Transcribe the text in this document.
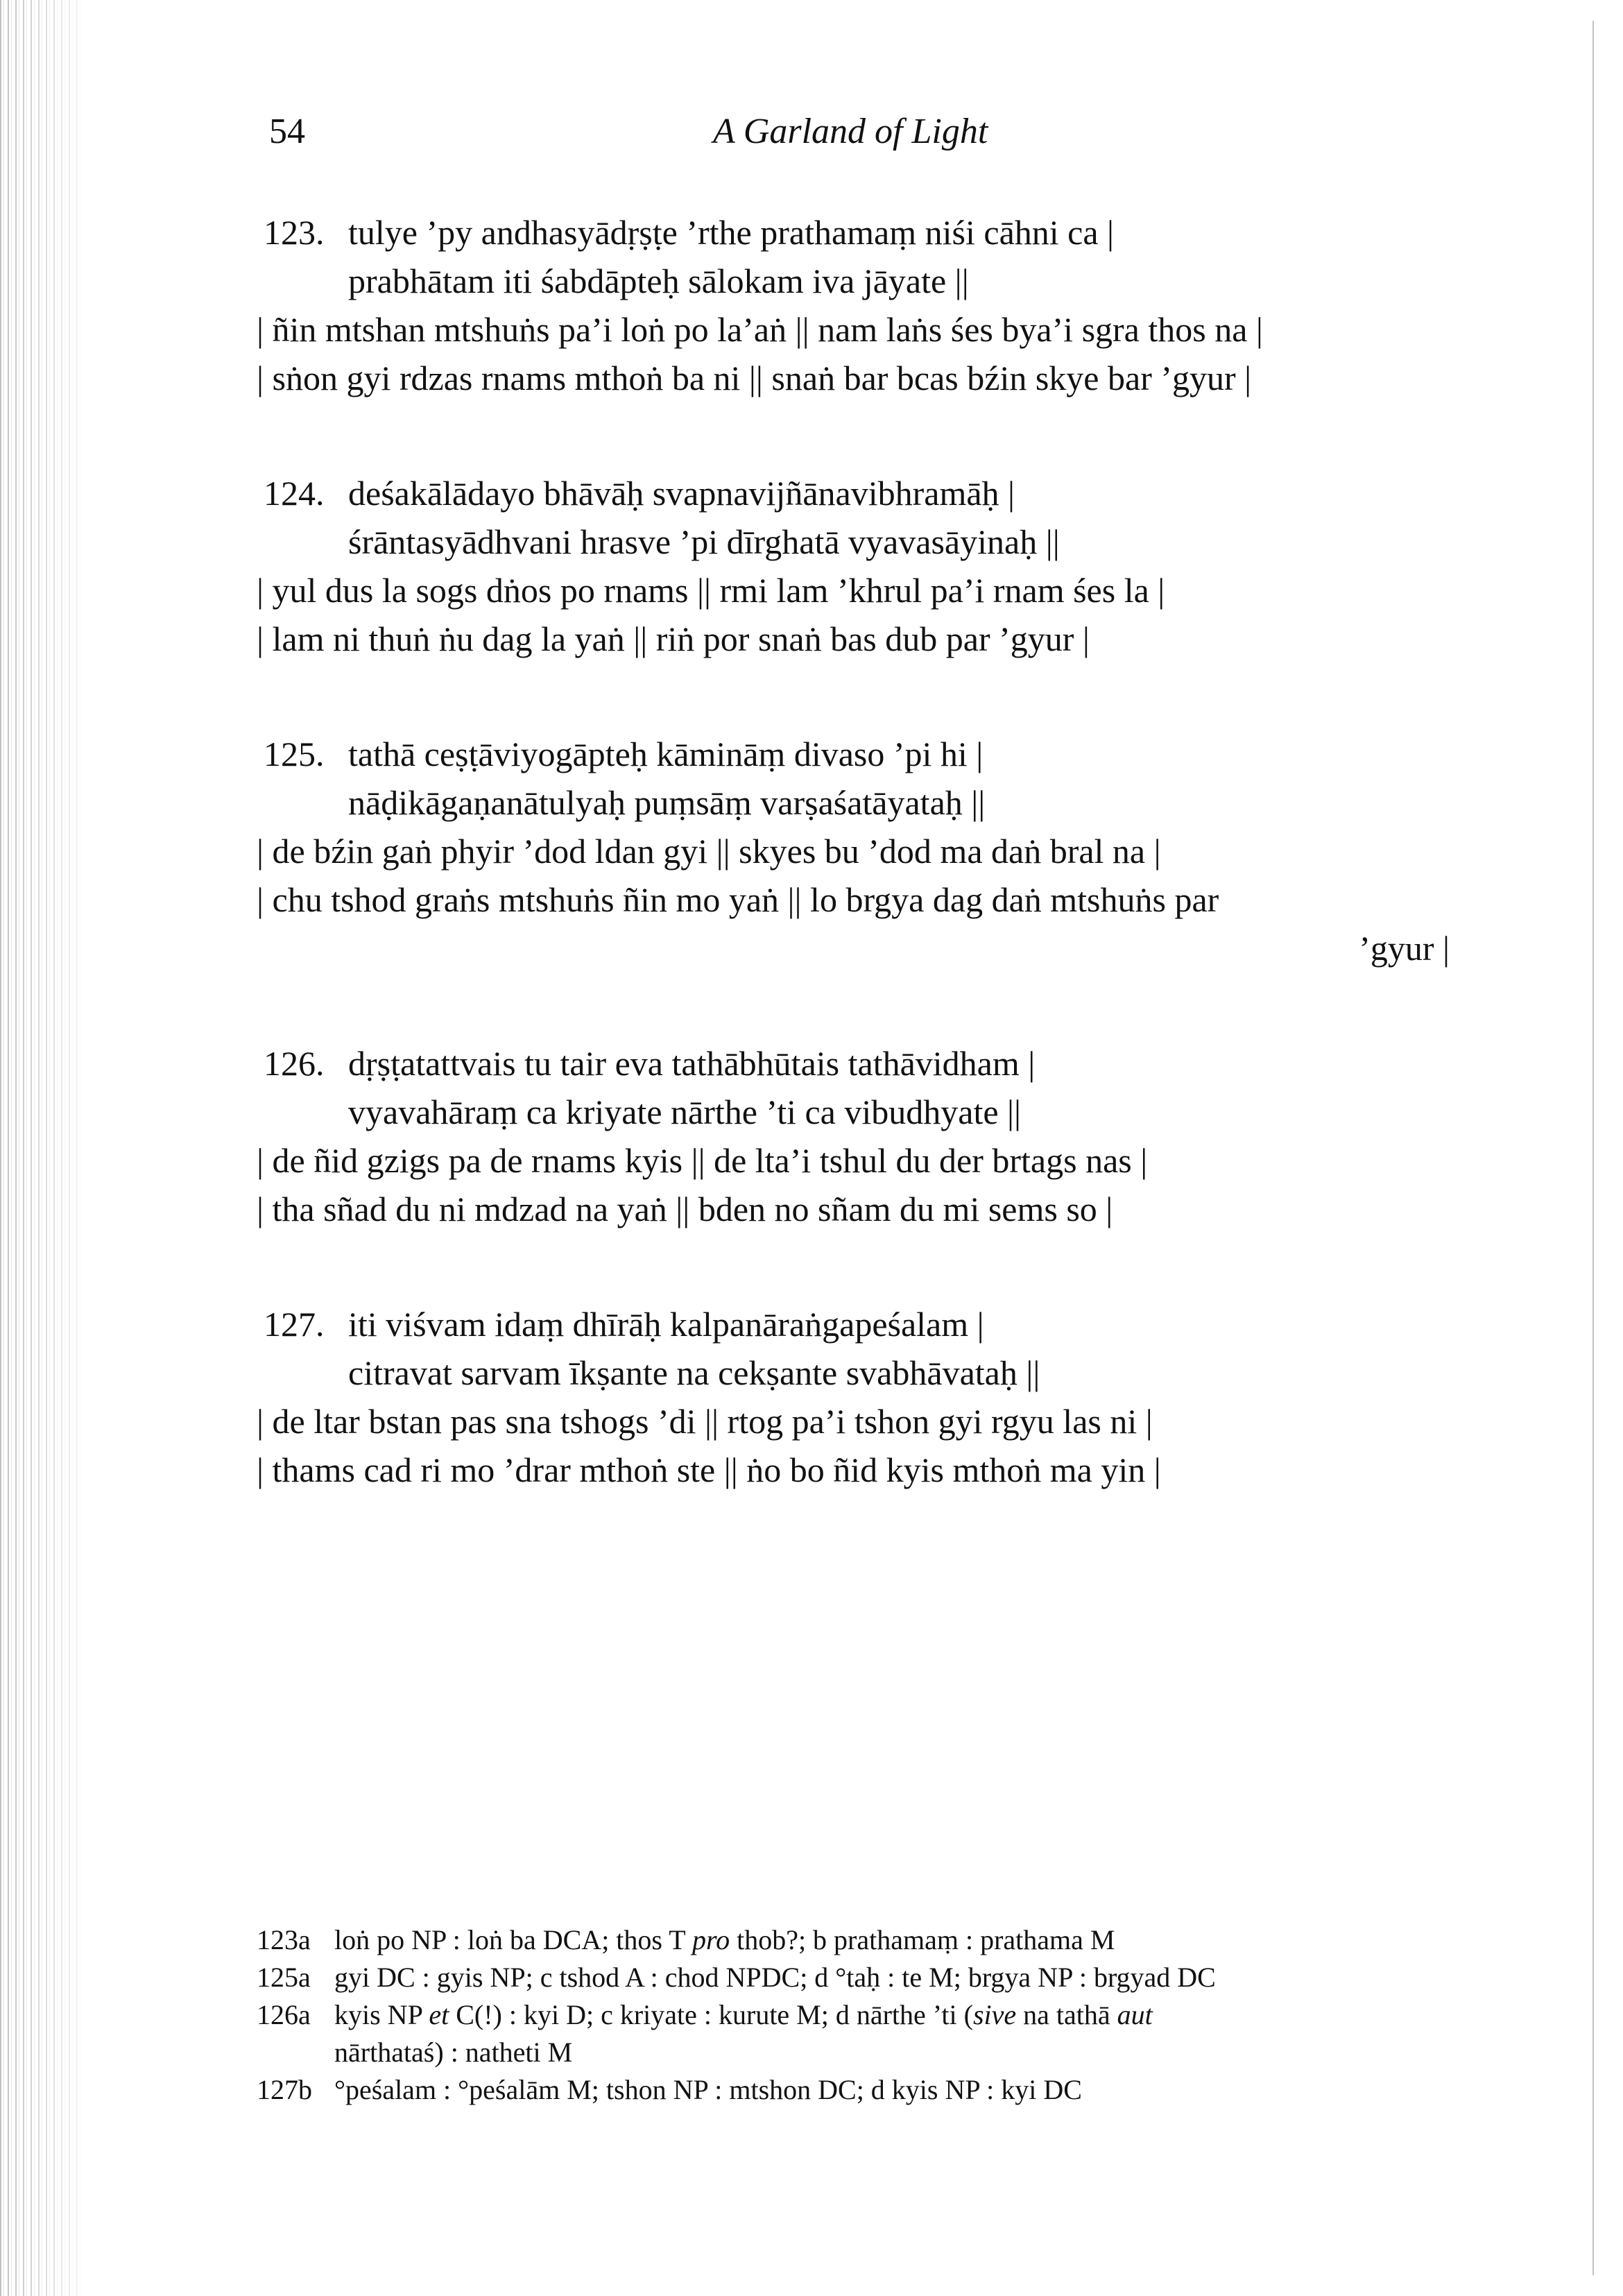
54	A Garland of Light
123. tulye ’py andhasyādṛṣṭe ’rthe prathamaṃ niśi cāhni ca |
prabhātam iti śabdāpteḥ sālokam iva jāyate ||
| ñin mtshan mtshuṅs pa’i loṅ po la’aṅ || nam laṅs śes bya’i sgra thos na |
| sṅon gyi rdzas rnams mthoṅ ba ni || snaṅ bar bcas bźin skye bar ’gyur |
124. deśakālādayo bhāvāḥ svapnavijñānavibhramāḥ |
śrāntasyādhvani hrasve ’pi dīrghatā vyavasāyinaḥ ||
| yul dus la sogs dṅos po rnams || rmi lam ’khrul pa’i rnam śes la |
| lam ni thuṅ ṅu dag la yaṅ || riṅ por snaṅ bas dub par ’gyur |
125. tathā ceṣṭāviyogāpteḥ kāmināṃ divaso ’pi hi |
nāḍikāgaṇanātulyaḥ puṃsāṃ varṣaśatāyataḥ ||
| de bźin gaṅ phyir ’dod ldan gyi || skyes bu ’dod ma daṅ bral na |
| chu tshod graṅs mtshuṅs ñin mo yaṅ || lo brgya dag daṅ mtshuṅs par
’gyur |
126. dṛṣṭatattvais tu tair eva tathābhūtais tathāvidham |
vyavahāraṃ ca kriyate nārthe ’ti ca vibudhyate ||
| de ñid gzigs pa de rnams kyis || de lta’i tshul du der brtags nas |
| tha sñad du ni mdzad na yaṅ || bden no sñam du mi sems so |
127. iti viśvam idaṃ dhīrāḥ kalpanāraṅgapeśalam |
citravat sarvam īkṣante na cekṣante svabhāvataḥ ||
| de ltar bstan pas sna tshogs ’di || rtog pa’i tshon gyi rgyu las ni |
| thams cad ri mo ’drar mthoṅ ste || ṅo bo ñid kyis mthoṅ ma yin |
123a loṅ po NP : loṅ ba DCA; thos T pro thob?; b prathamaṃ : prathama M
125a gyi DC : gyis NP; c tshod A : chod NPDC; d °taḥ : te M; brgya NP : brgyad DC
126a kyis NP et C(!) : kyi D; c kriyate : kurute M; d nārthe ’ti (sive na tathā aut
nārthataś) : natheti M
127b °peśalam : °peśalām M; tshon NP : mtshon DC; d kyis NP : kyi DC
